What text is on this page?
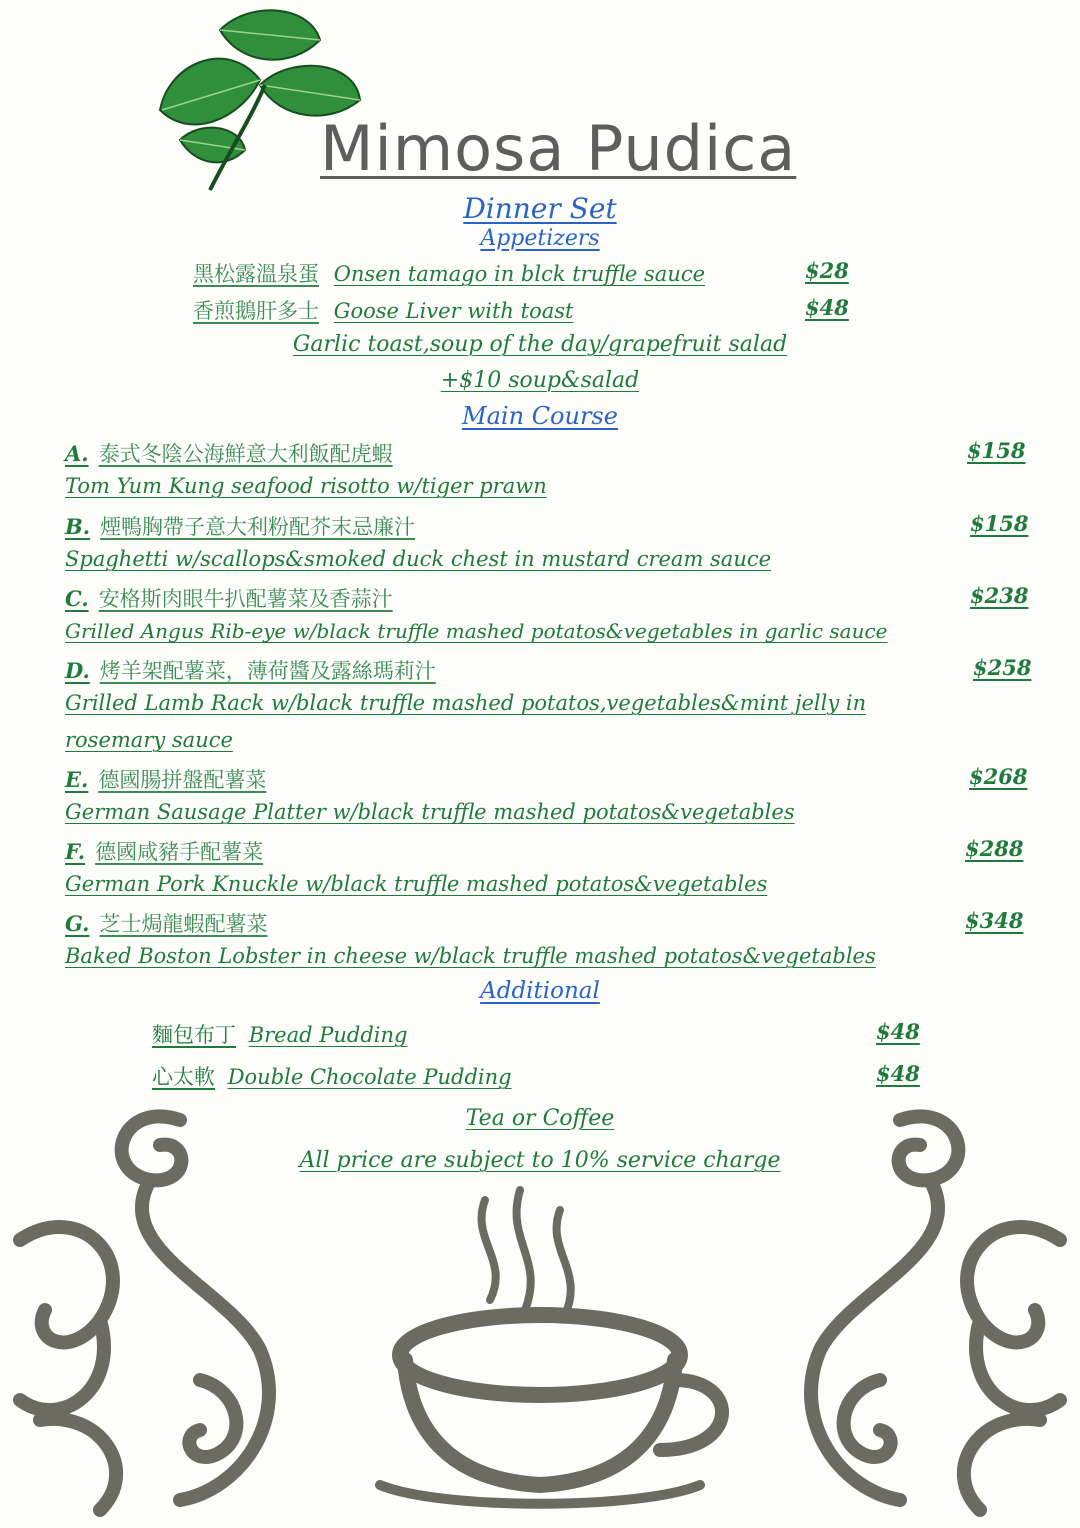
Mimosa Pudica
Dinner Set
Appetizers
黑松露溫泉蛋 Onsen tamago in blck truffle sauce	$28
香煎鵝肝多士 Goose Liver with toast	$48
Garlic toast,soup of the day/grapefruit salad
+$10 soup&salad
Main Course
A. 泰式冬陰公海鮮意大利飯配虎蝦	$158
Tom Yum Kung seafood risotto w/tiger prawn
B. 煙鴨胸帶子意大利粉配芥末忌廉汁	$158
Spaghetti w/scallops&smoked duck chest in mustard cream sauce
C. 安格斯肉眼牛扒配薯菜及香蒜汁	$238
Grilled Angus Rib-eye w/black truffle mashed potatos&vegetables in garlic sauce
D. 烤羊架配薯菜，薄荷醬及露絲瑪莉汁	$258
Grilled Lamb Rack w/black truffle mashed potatos,vegetables&mint jelly in
rosemary sauce
E. 德國腸拼盤配薯菜	$268
German Sausage Platter w/black truffle mashed potatos&vegetables
F. 德國咸豬手配薯菜	$288
German Pork Knuckle w/black truffle mashed potatos&vegetables
G. 芝士焗龍蝦配薯菜	$348
Baked Boston Lobster in cheese w/black truffle mashed potatos&vegetables
Additional
麵包布丁 Bread Pudding	$48
心太軟 Double Chocolate Pudding	$48
Tea or Coffee
All price are subject to 10% service charge
